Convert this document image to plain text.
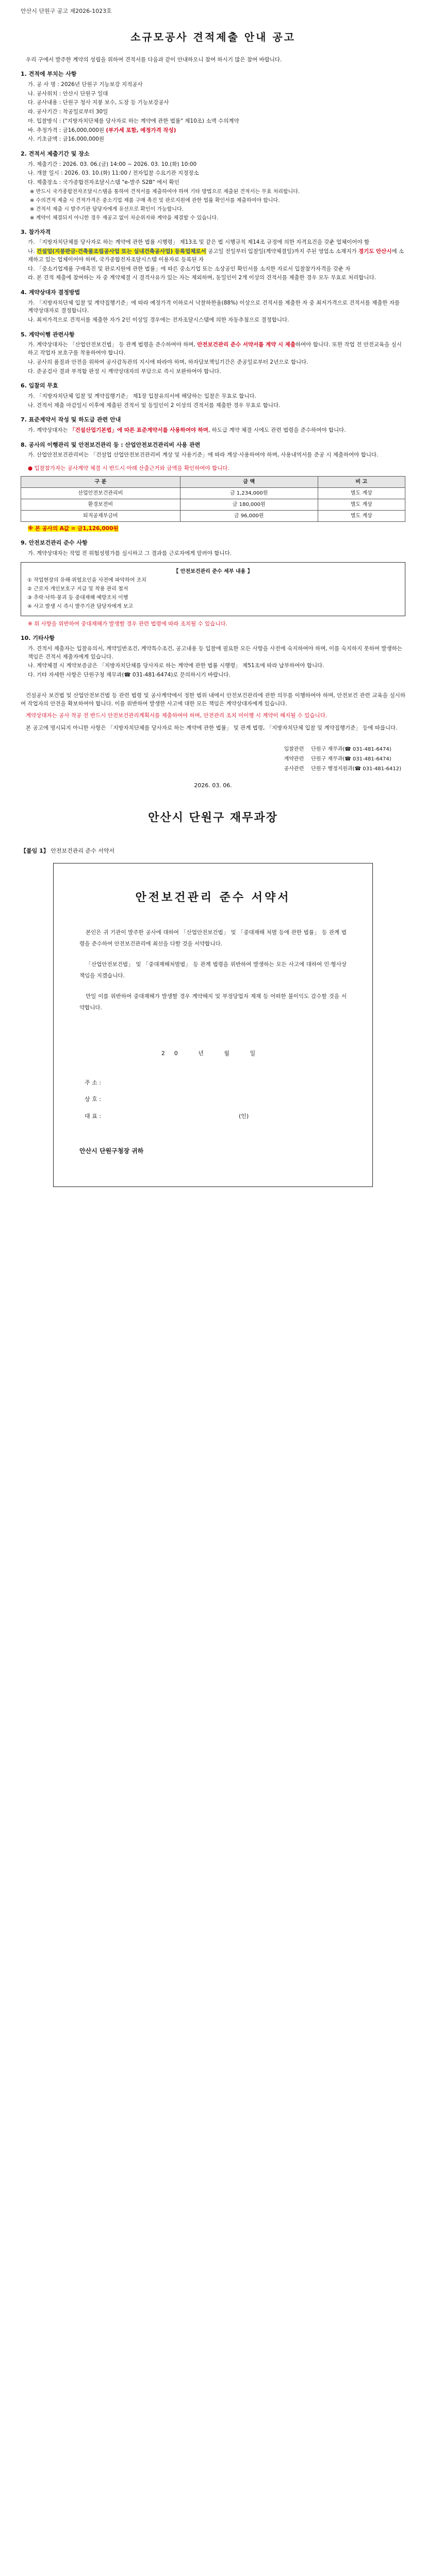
안산시 단원구 공고 제2026-1023호
소규모공사 견적제출 안내 공고
우리 구에서 발주한 계약의 성립을 위하여 견적서를 다음과 같이 안내하오니 참여 하시기 많은 참여 바랍니다.
1. 견적에 부치는 사항
가. 공 사 명 : 2026년 단원구 기능보강 지적공사
나. 공사위치 : 안산시 단원구 일대
다. 공사내용 : 단원구 청사 지붕 보수, 도장 등 기능보강공사
라. 공사기간 : 착공일로부터 30일
마. 입찰방식 : ("지방자치단체를 당사자로 하는 계약에 관한 법률" 제10조) 소액 수의계약
바. 추정가격 : 금16,000,000원 (부가세 포함, 예정가격 작성)
사. 기초금액 : 금16,000,000원
2. 견적서 제출기간 및 장소
가. 제출기간 : 2026. 03. 06.(금) 14:00 ~ 2026. 03. 10.(화) 10:00
나. 개찰 일시 : 2026. 03. 10.(화) 11:00 / 전자입찰 수요기관 지정장소
다. 제출장소 : 국가종합전자조달시스템 "e-발주 S2B" 에서 확인
※ 반드시 국가종합전자조달시스템을 통하여 견적서를 제출하여야 하며 기타 방법으로 제출된 견적서는 무효 처리합니다.
※ 수의견적 제출 시 견적가격은 중소기업 제품 구매 촉진 및 판로지원에 관한 법률 확인서를 제출하여야 합니다.
※ 견적서 제출 시 발주기관 담당자에게 유선으로 확인이 가능합니다.
※ 계약이 체결되지 아니한 경우 재공고 없이 차순위자와 계약을 체결할 수 있습니다.
3. 참가자격
가. 「지방자치단체를 당사자로 하는 계약에 관한 법률 시행령」 제13조 및 같은 법 시행규칙 제14조 규정에 의한 자격요건을 갖춘 업체이어야 함
나. 건설업(지붕판금·건축물조립공사업 또는 실내건축공사업) 등록업체로서 공고일 전일부터 입찰일(계약체결일)까지 주된 영업소 소재지가 경기도 안산시에 소재하고 있는 업체이어야 하며, 국가종합전자조달시스템 이용자로 등록된 자
다. 「중소기업제품 구매촉진 및 판로지원에 관한 법률」에 따른 중소기업 또는 소상공인 확인서를 소지한 자로서 입찰참가자격을 갖춘 자
라. 본 견적 제출에 참여하는 자 중 계약체결 시 결격사유가 있는 자는 제외하며, 동일인이 2개 이상의 견적서를 제출한 경우 모두 무효로 처리합니다.
4. 계약상대자 결정방법
가. 「지방자치단체 입찰 및 계약집행기준」에 따라 예정가격 이하로서 낙찰하한율(88%) 이상으로 견적서를 제출한 자 중 최저가격으로 견적서를 제출한 자를 계약상대자로 결정합니다.
나. 최저가격으로 견적서를 제출한 자가 2인 이상일 경우에는 전자조달시스템에 의한 자동추첨으로 결정합니다.
5. 계약이행 관련사항
가. 계약상대자는 「산업안전보건법」 등 관계 법령을 준수하여야 하며, 안전보건관리 준수 서약서를 계약 시 제출하여야 합니다. 또한 작업 전 안전교육을 실시하고 작업자 보호구를 착용하여야 합니다.
나. 공사의 품질과 안전을 위하여 공사감독관의 지시에 따라야 하며, 하자담보책임기간은 준공일로부터 2년으로 합니다.
다. 준공검사 결과 부적합 판정 시 계약상대자의 부담으로 즉시 보완하여야 합니다.
6. 입찰의 무효
가. 「지방자치단체 입찰 및 계약집행기준」 제1장 입찰유의서에 해당하는 입찰은 무효로 합니다.
나. 견적서 제출 마감일시 이후에 제출된 견적서 및 동일인이 2 이상의 견적서를 제출한 경우 무효로 합니다.
7. 표준계약서 작성 및 하도급 관련 안내
가. 계약상대자는 「건설산업기본법」에 따른 표준계약서를 사용하여야 하며, 하도급 계약 체결 시에도 관련 법령을 준수하여야 합니다.
8. 공사의 이행관리 및 안전보건관리 등 : 산업안전보건관리비 사용 관련
가. 산업안전보건관리비는 「건설업 산업안전보건관리비 계상 및 사용기준」에 따라 계상·사용하여야 하며, 사용내역서를 준공 시 제출하여야 합니다.
● 입찰참가자는 공사계약 체결 시 반드시 아래 산출근거와 금액을 확인하여야 합니다.
구 분	금 액	비 고
산업안전보건관리비	금 1,234,000원	별도 계상
환경보전비	금 180,000원	별도 계상
퇴직공제부금비	금 96,000원	별도 계상
※ 본 공사의 A값 = 금1,126,000원
9. 안전보건관리 준수 사항
가. 계약상대자는 작업 전 위험성평가를 실시하고 그 결과를 근로자에게 알려야 합니다.
【 안전보건관리 준수 세부 내용 】
① 작업현장의 유해·위험요인을 사전에 파악하여 조치
② 근로자 개인보호구 지급 및 착용 관리 철저
③ 추락·낙하·붕괴 등 중대재해 예방조치 이행
④ 사고 발생 시 즉시 발주기관 담당자에게 보고
※ 위 사항을 위반하여 중대재해가 발생할 경우 관련 법령에 따라 조치될 수 있습니다.
10. 기타사항
가. 견적서 제출자는 입찰유의서, 계약일반조건, 계약특수조건, 공고내용 등 입찰에 필요한 모든 사항을 사전에 숙지하여야 하며, 이를 숙지하지 못하여 발생하는 책임은 견적서 제출자에게 있습니다.
나. 계약체결 시 계약보증금은 「지방자치단체를 당사자로 하는 계약에 관한 법률 시행령」 제51조에 따라 납부하여야 합니다.
다. 기타 자세한 사항은 단원구청 재무과(☎ 031-481-6474)로 문의하시기 바랍니다.
건설공사 보건법 및 산업안전보건법 등 관련 법령 및 공사계약에서 정한 범위 내에서 안전보건관리에 관한 의무를 이행하여야 하며, 안전보건 관련 교육을 실시하여 작업자의 안전을 확보하여야 합니다. 이를 위반하여 발생한 사고에 대한 모든 책임은 계약상대자에게 있습니다.
계약상대자는 공사 착공 전 반드시 안전보건관리계획서를 제출하여야 하며, 안전관리 조치 미이행 시 계약이 해지될 수 있습니다.
본 공고에 명시되지 아니한 사항은 「지방자치단체를 당사자로 하는 계약에 관한 법률」 및 관계 법령, 「지방자치단체 입찰 및 계약집행기준」 등에 따릅니다.
입찰관련	단원구 재무과(☎ 031-481-6474)
계약관련	단원구 재무과(☎ 031-481-6474)
공사관련	단원구 행정지원과(☎ 031-481-6412)
2026. 03. 06.
안산시 단원구 재무과장
【붙임 1】 안전보건관리 준수 서약서
안전보건관리 준수 서약서
본인은 귀 기관이 발주한 공사에 대하여 「산업안전보건법」 및 「중대재해 처벌 등에 관한 법률」 등 관계 법령을 준수하여 안전보건관리에 최선을 다할 것을 서약합니다.
「산업안전보건법」 및 「중대재해처벌법」 등 관계 법령을 위반하여 발생하는 모든 사고에 대하여 민·형사상 책임을 지겠습니다.
만일 이를 위반하여 중대재해가 발생할 경우 계약해지 및 부정당업자 제재 등 어떠한 불이익도 감수할 것을 서약합니다.
20 년 월 일
주 소 :
상 호 :
대 표 :	(인)
안산시 단원구청장 귀하
